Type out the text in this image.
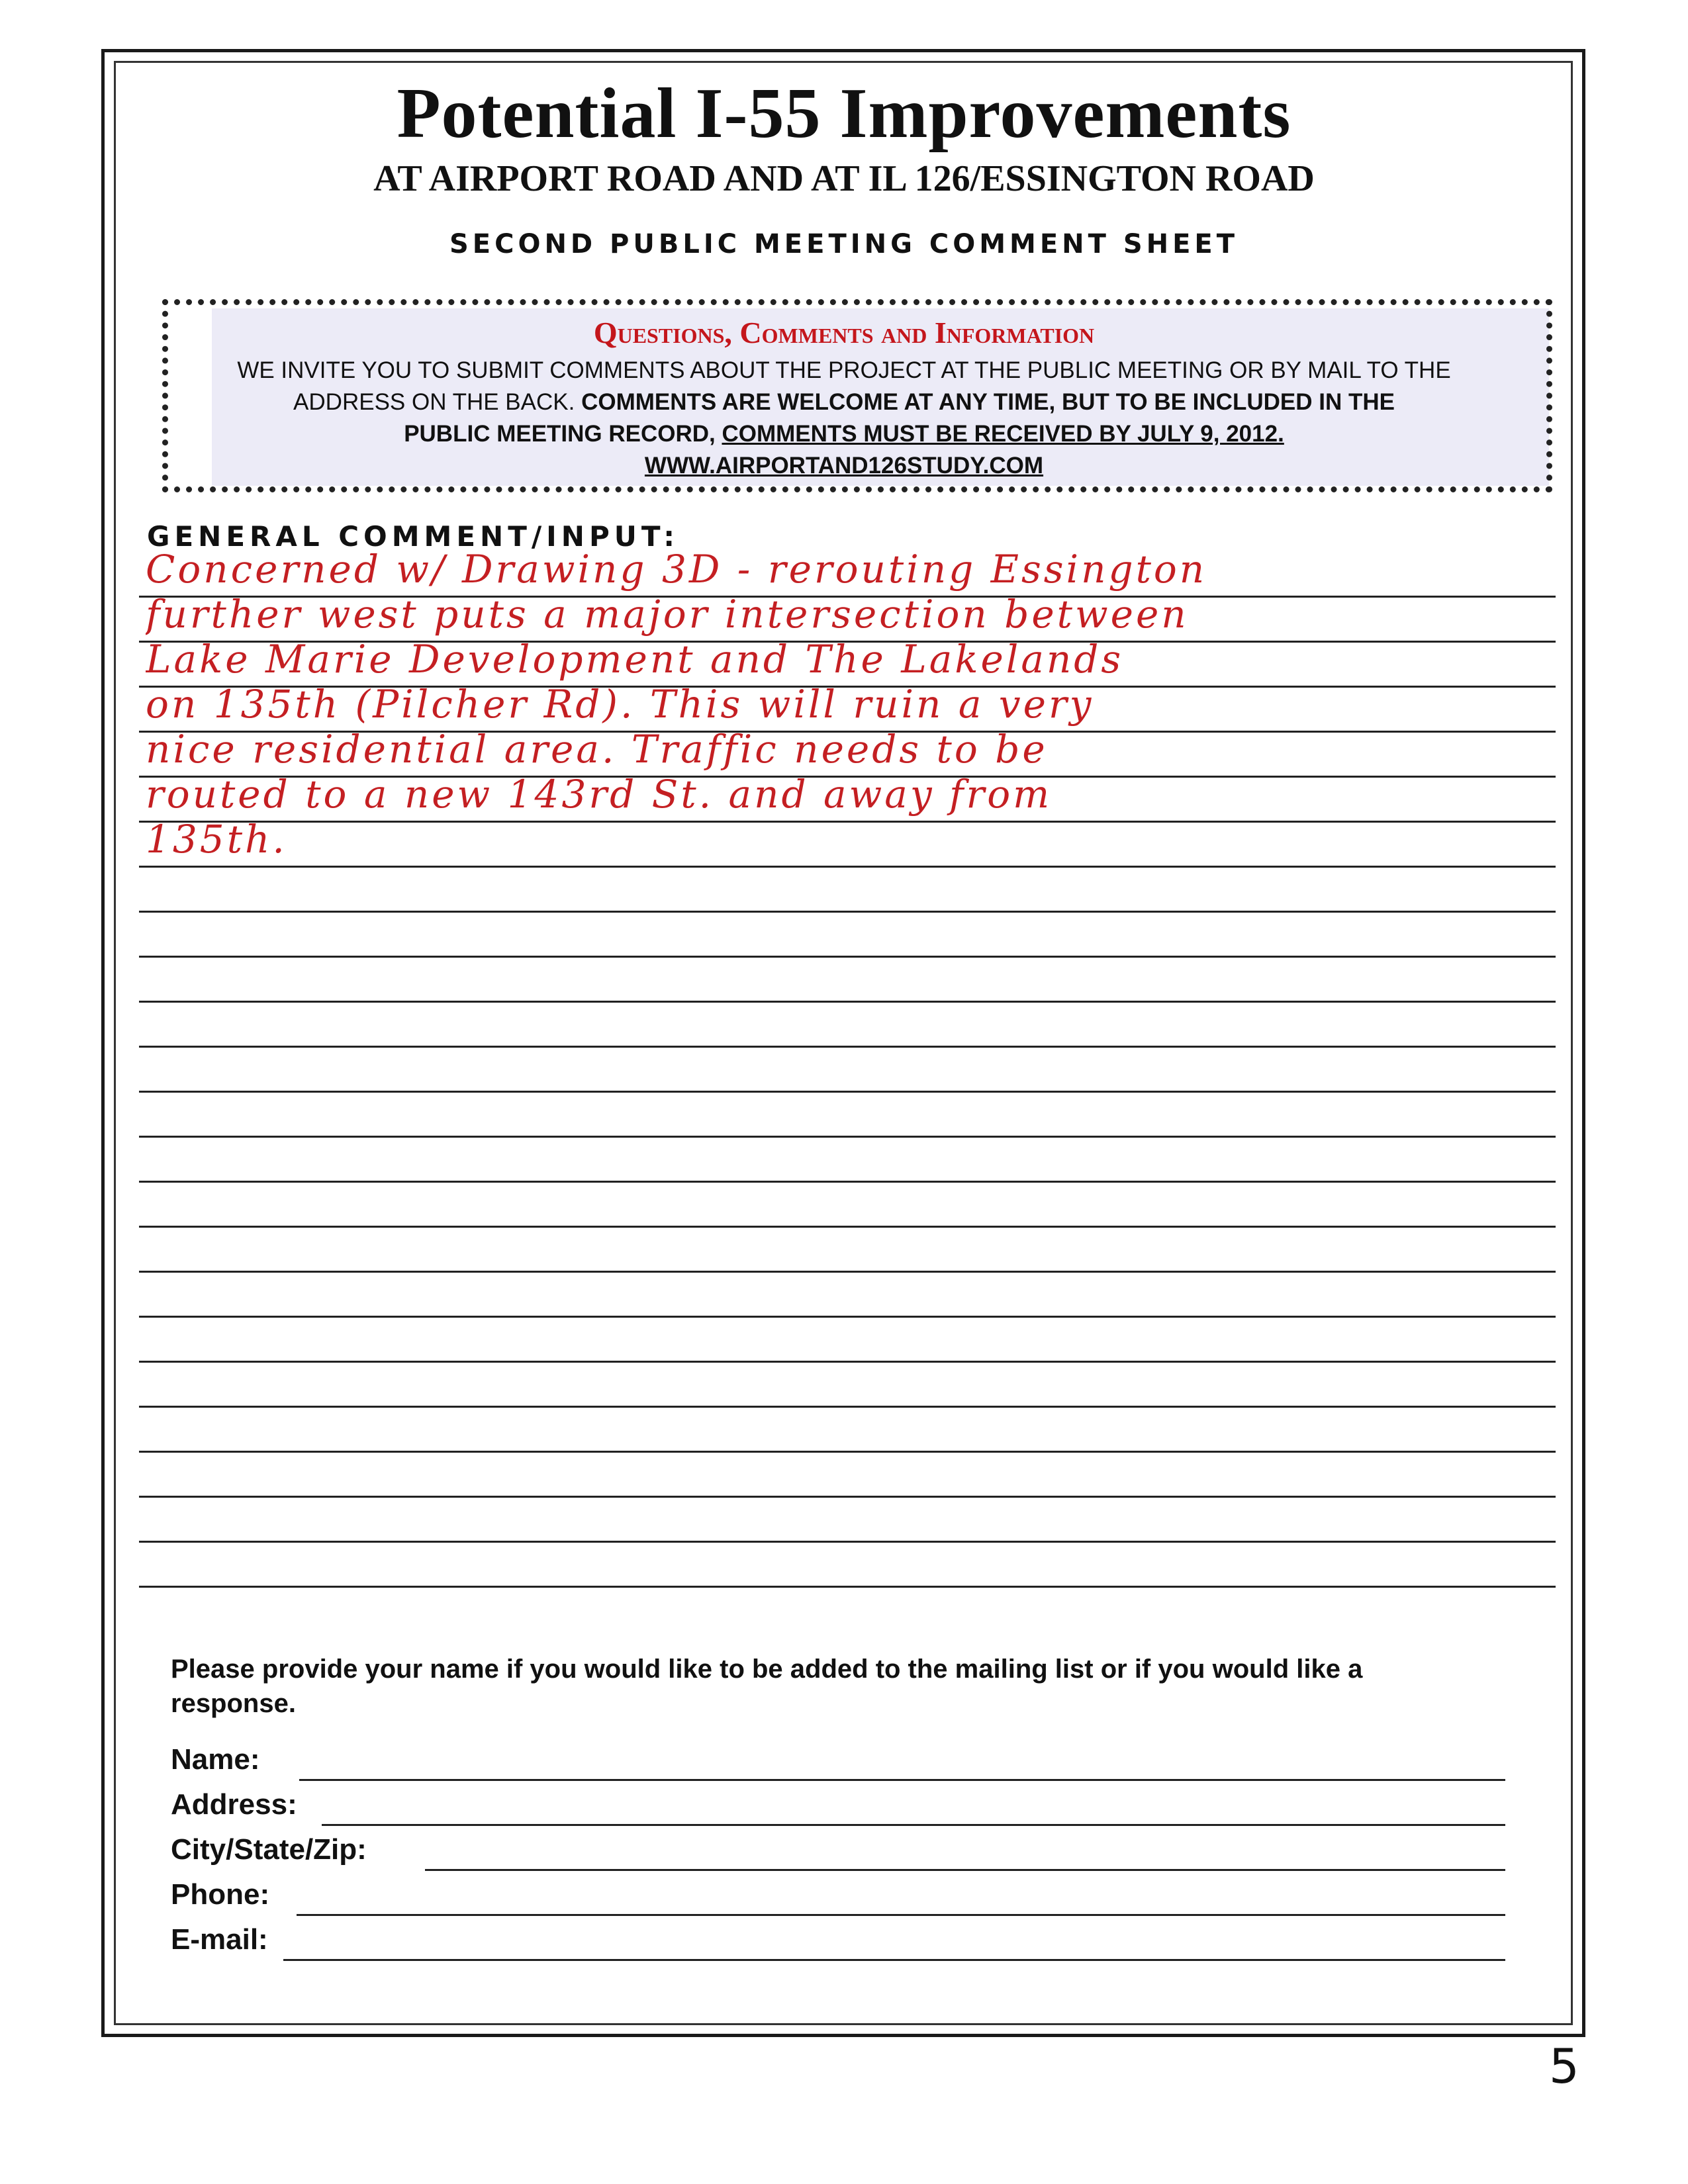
Potential I-55 Improvements
AT AIRPORT ROAD AND AT IL 126/ESSINGTON ROAD
SECOND PUBLIC MEETING COMMENT SHEET
Questions, Comments and Information
WE INVITE YOU TO SUBMIT COMMENTS ABOUT THE PROJECT AT THE PUBLIC MEETING OR BY MAIL TO THE
ADDRESS ON THE BACK. COMMENTS ARE WELCOME AT ANY TIME, BUT TO BE INCLUDED IN THE
PUBLIC MEETING RECORD, COMMENTS MUST BE RECEIVED BY JULY 9, 2012.
WWW.AIRPORTAND126STUDY.COM
GENERAL COMMENT/INPUT:
Concerned w/ Drawing 3D - rerouting Essington
further west puts a major intersection between
Lake Marie Development and The Lakelands
on 135th (Pilcher Rd). This will ruin a very
nice residential area. Traffic needs to be
routed to a new 143rd St. and away from
135th.
Please provide your name if you would like to be added to the mailing list or if you would like a response.
Name:
Address:
City/State/Zip:
Phone:
E-mail:
5
